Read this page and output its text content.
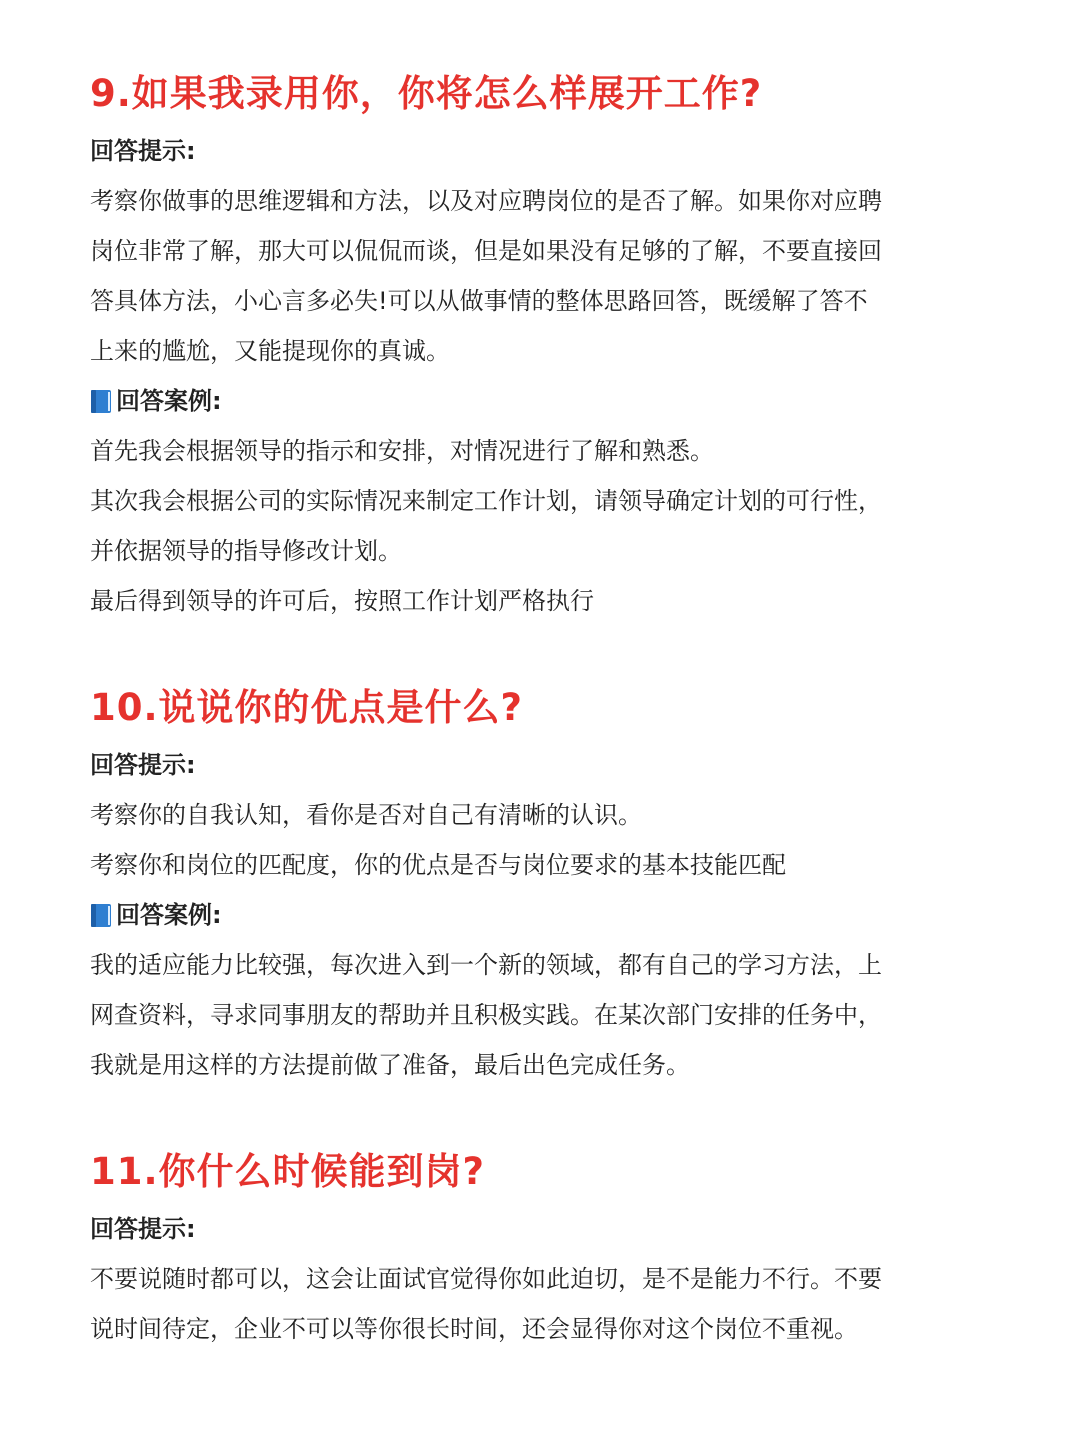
9.如果我录用你，你将怎么样展开工作?

回答提示:

考察你做事的思维逻辑和方法，以及对应聘岗位的是否了解。如果你对应聘

岗位非常了解，那大可以侃侃而谈，但是如果没有足够的了解，不要直接回

答具体方法，小心言多必失!可以从做事情的整体思路回答，既缓解了答不

上来的尴尬，又能提现你的真诚。

回答案例:

首先我会根据领导的指示和安排，对情况进行了解和熟悉。

其次我会根据公司的实际情况来制定工作计划，请领导确定计划的可行性，

并依据领导的指导修改计划。

最后得到领导的许可后，按照工作计划严格执行

10.说说你的优点是什么?

回答提示:

考察你的自我认知，看你是否对自己有清晰的认识。

考察你和岗位的匹配度，你的优点是否与岗位要求的基本技能匹配

回答案例:

我的适应能力比较强，每次进入到一个新的领域，都有自己的学习方法，上

网查资料，寻求同事朋友的帮助并且积极实践。在某次部门安排的任务中，

我就是用这样的方法提前做了准备，最后出色完成任务。

11.你什么时候能到岗?

回答提示:

不要说随时都可以，这会让面试官觉得你如此迫切，是不是能力不行。不要

说时间待定，企业不可以等你很长时间，还会显得你对这个岗位不重视。
